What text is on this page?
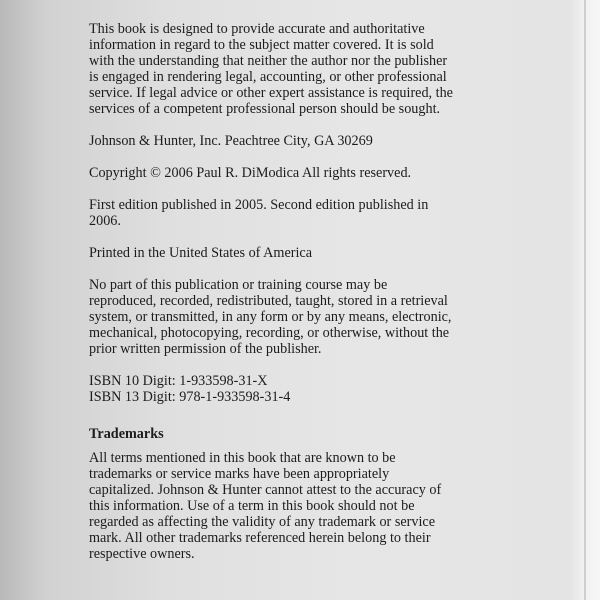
This book is designed to provide accurate and authoritative
information in regard to the subject matter covered. It is sold
with the understanding that neither the author nor the publisher
is engaged in rendering legal, accounting, or other professional
service. If legal advice or other expert assistance is required, the
services of a competent professional person should be sought.
Johnson & Hunter, Inc. Peachtree City, GA 30269
Copyright © 2006 Paul R. DiModica All rights reserved.
First edition published in 2005. Second edition published in
2006.
Printed in the United States of America
No part of this publication or training course may be
reproduced, recorded, redistributed, taught, stored in a retrieval
system, or transmitted, in any form or by any means, electronic,
mechanical, photocopying, recording, or otherwise, without the
prior written permission of the publisher.
ISBN 10 Digit: 1-933598-31-X
ISBN 13 Digit: 978-1-933598-31-4
Trademarks
All terms mentioned in this book that are known to be
trademarks or service marks have been appropriately
capitalized. Johnson & Hunter cannot attest to the accuracy of
this information. Use of a term in this book should not be
regarded as affecting the validity of any trademark or service
mark. All other trademarks referenced herein belong to their
respective owners.
